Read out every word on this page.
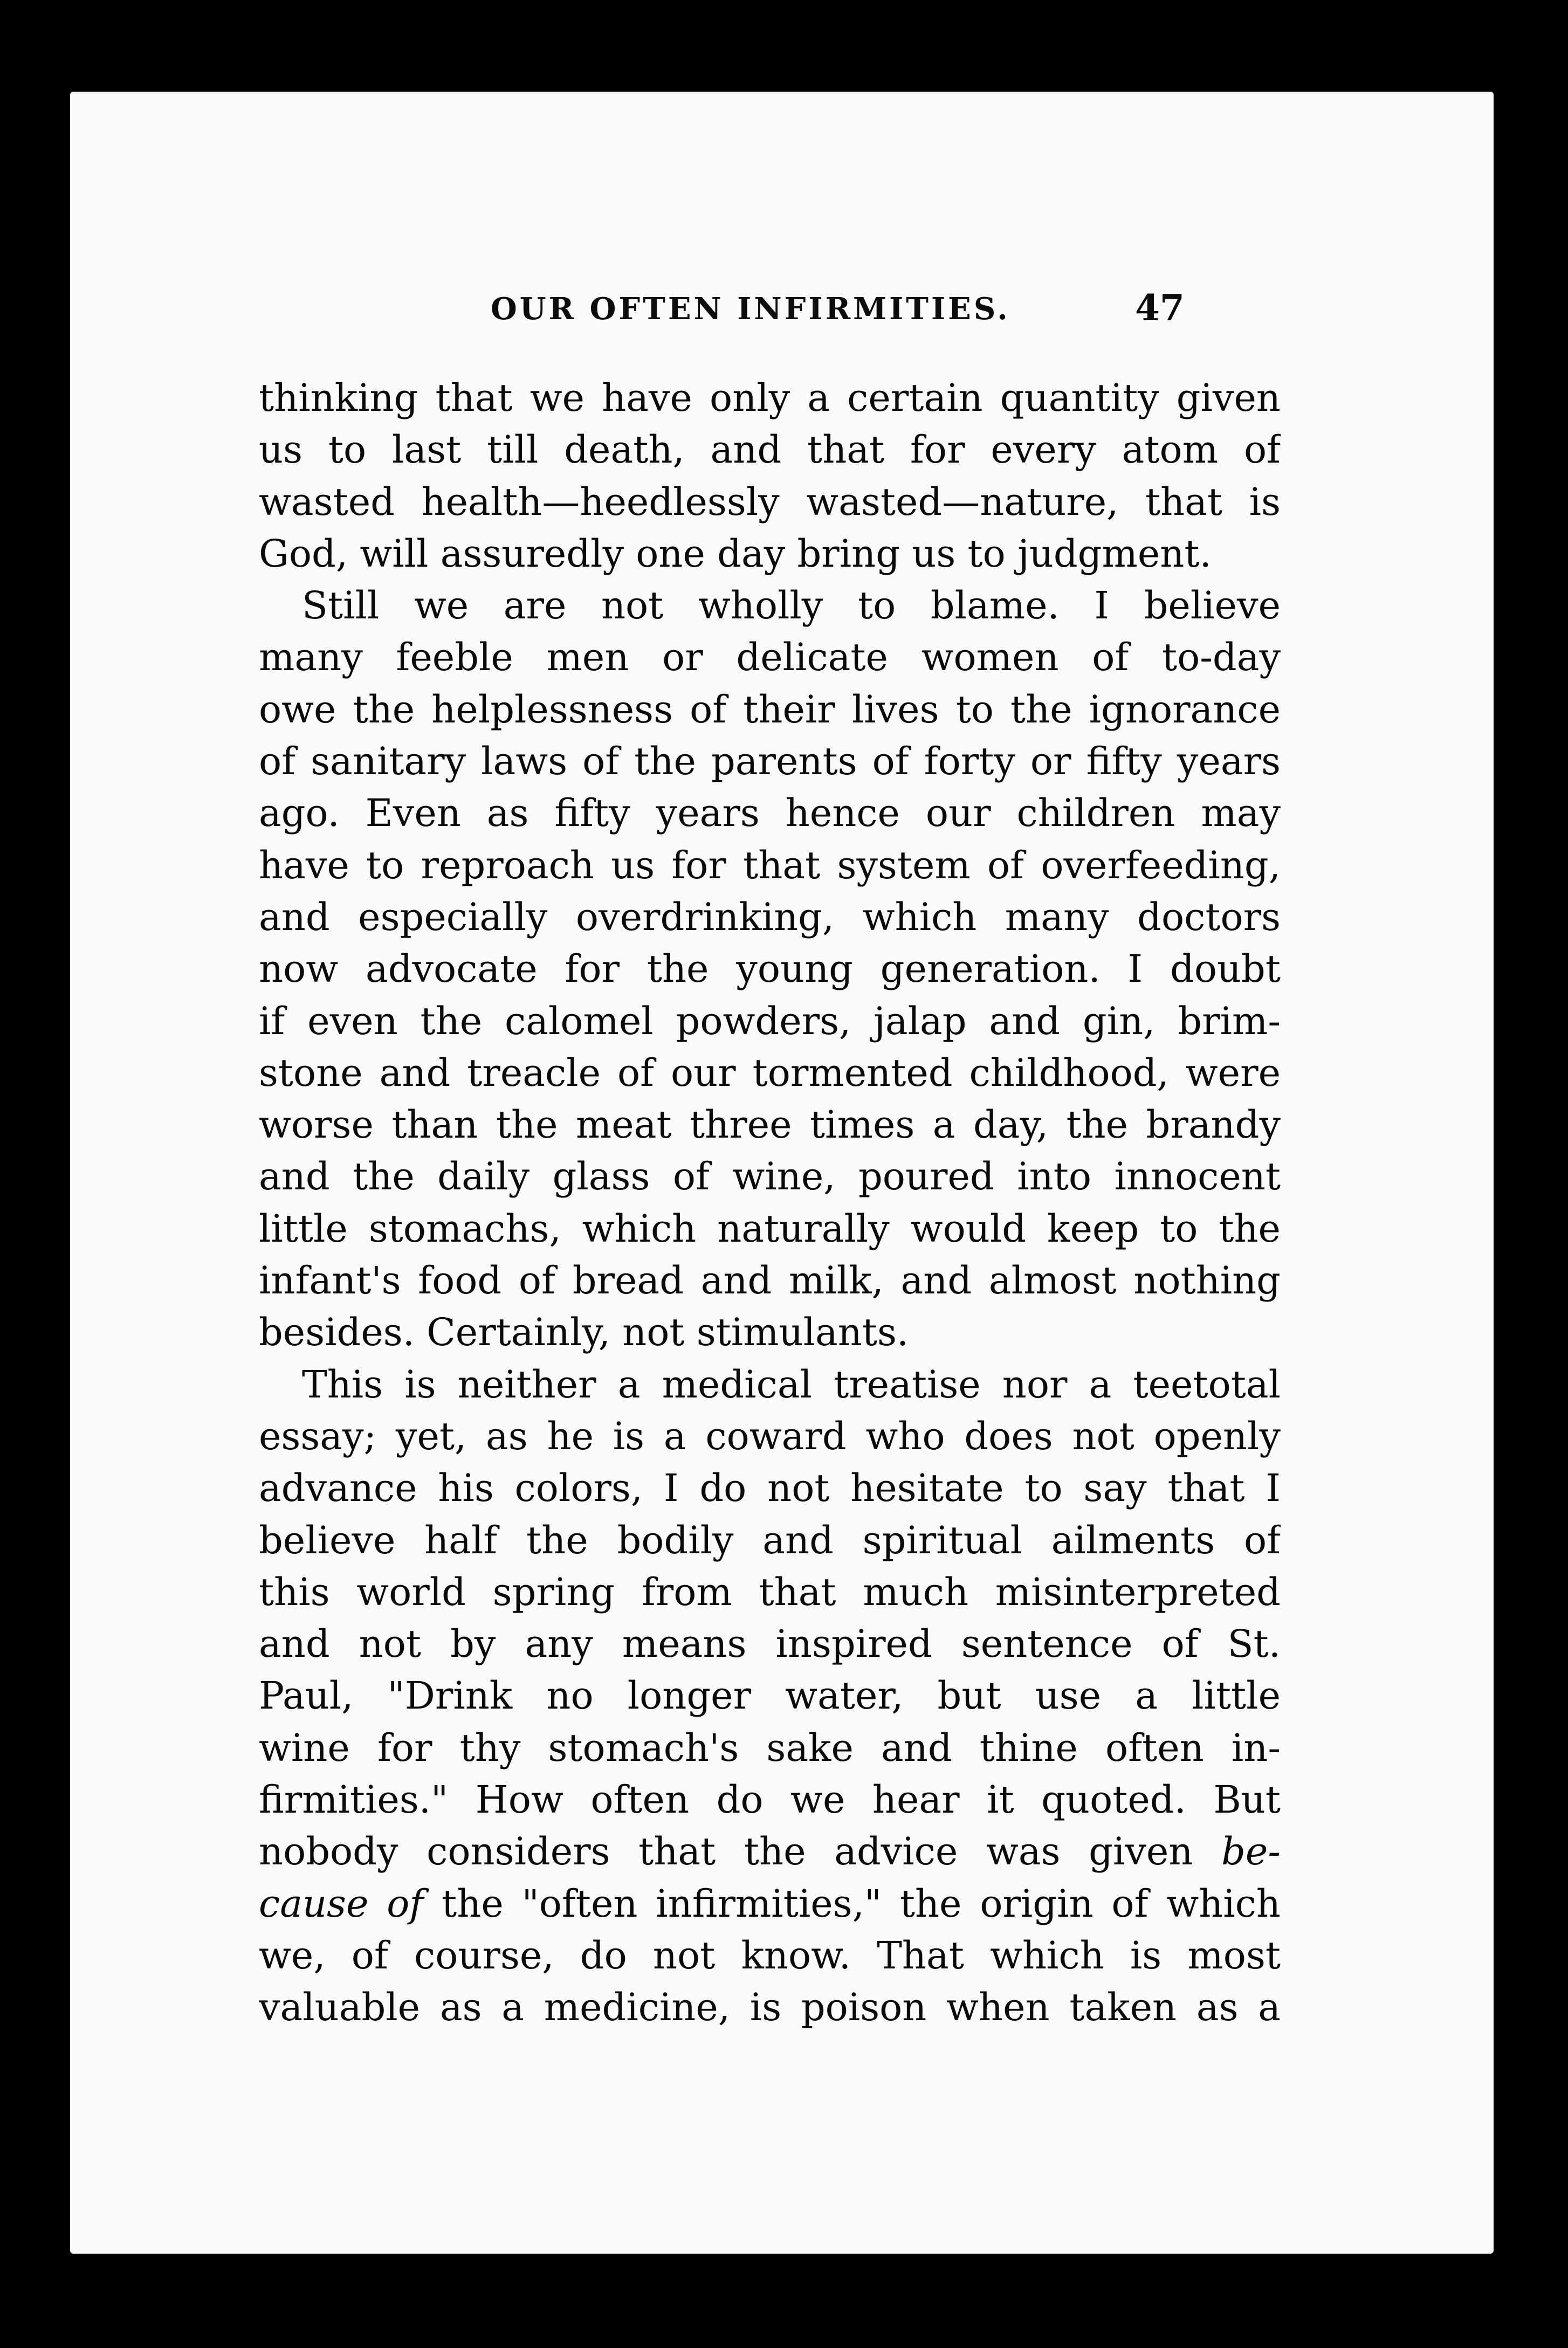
OUR OFTEN INFIRMITIES.	47
thinking that we have only a certain quantity given
us to last till death, and that for every atom of
wasted health—heedlessly wasted—nature, that is
God, will assuredly one day bring us to judgment.
Still we are not wholly to blame. I believe
many feeble men or delicate women of to-day
owe the helplessness of their lives to the ignorance
of sanitary laws of the parents of forty or fifty years
ago. Even as fifty years hence our children may
have to reproach us for that system of overfeeding,
and especially overdrinking, which many doctors
now advocate for the young generation. I doubt
if even the calomel powders, jalap and gin, brim-
stone and treacle of our tormented childhood, were
worse than the meat three times a day, the brandy
and the daily glass of wine, poured into innocent
little stomachs, which naturally would keep to the
infant's food of bread and milk, and almost nothing
besides. Certainly, not stimulants.
This is neither a medical treatise nor a teetotal
essay; yet, as he is a coward who does not openly
advance his colors, I do not hesitate to say that I
believe half the bodily and spiritual ailments of
this world spring from that much misinterpreted
and not by any means inspired sentence of St.
Paul, "Drink no longer water, but use a little
wine for thy stomach's sake and thine often in-
firmities." How often do we hear it quoted. But
nobody considers that the advice was given be-
cause of the "often infirmities," the origin of which
we, of course, do not know. That which is most
valuable as a medicine, is poison when taken as a
